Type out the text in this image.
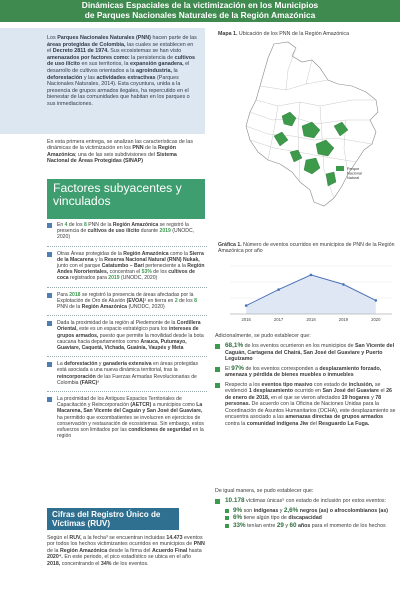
Dinámicas Espaciales de la victimización en los Municipios
de Parques Nacionales Naturales de la Región Amazónica
Los Parques Nacionales Naturales (PNN) hacen parte de las áreas protegidas de Colombia, las cuales se establecen en el Decreto 2811 de 1974. Sus ecosistemas se han visto amenazados por factores como: la persistencia de cultivos de uso ilícito en sus territorios, la expansión ganadera, el desarrollo de cultivos orientados a la agroindustria, la deforestación y las actividades extractivas (Parques Nacionales Naturales, 2014). Esta coyuntura, unida a la presencia de grupos armados ilegales, ha repercutido en el bienestar de las comunidades que habitan en los parques o sus inmediaciones.
En esta primera entrega, se analizan las características de las dinámicas de la victimización en los PNN de la Región Amazónica; una de las seis subdivisiones del Sistema Nacional de Áreas Protegidas (SINAP)
Factores subyacentes y vinculados
En 4 de los 8 PNN de la Región Amazónica se registró la presencia de cultivos de uso ilícito durante 2019 (UNODC, 2020)
Otras Áreas protegidas de la Región Amazónica como la Sierra de la Macarena y la Reserva Nacional Natural (RNN) Nukak, junto con el parque Catatumbo – Barí perteneciente a la Región Andes Nororientales, concentran el 53% de los cultivos de coca registrados para 2019 (UNODC, 2020)
Para 2018 se registró la presencia de áreas afectadas por la Explotación de Oro de Aluvión (EVOA)¹ en tierra en 2 de los 8 PNN de la Región Amazónica (UNODC, 2020)
Dada la proximidad de la región al Piedemonte de la Cordillera Oriental, este es un espacio estratégico para los intereses de grupos armados, puesto que permite la movilidad desde la bota caucana hacia departamentos como Arauca, Putumayo, Guaviare, Caquetá, Vichada, Guainía, Vaupés y Meta
La deforestación y ganadería extensiva en áreas protegidas está asociada a una nueva dinámica territorial, tras la reincorporación de las Fuerzas Armadas Revolucionarias de Colombia (FARC)²
La proximidad de los Antiguos Espacios Territoriales de Capacitación y Reincorporación (AETCR) a municipios como La Macarena, San Vicente del Caguán y San José del Guaviare, ha permitido que excombatientes se involucren en ejercicios de conservación y restauración de ecosistemas. Sin embargo, estos esfuerzos son limitados por las condiciones de seguridad en la región
Cifras del Registro Único de Víctimas (RUV)
Según el RUV, a la fecha³ se encuentran incluidas 14.473 eventos por todos los hechos victimizantes ocurridos en municipios de PNN de la Región Amazónica desde la firma del Acuerdo Final hasta 2020⁴. En este periodo, el pico estadístico se ubica en el año 2018, concentrando el 34% de los eventos.
Mapa 1. Ubicación de los PNN de la Región Amazónica
Parque
Nacional
Natural
Gráfica 1. Número de eventos ocurridos en municipios de PNN de la Región Amazónica por año
2016	2017	2018	2019	2020
Adicionalmente, se pudo establecer que:
68,1% de los eventos ocurrieron en los municipios de San Vicente del Caguán, Cartagena del Chairá, San José del Guaviare y Puerto Leguízamo
El 97% de los eventos corresponden a desplazamiento forzado, amenaza y pérdida de bienes muebles o inmuebles
Respecto a los eventos tipo masivo con estado de inclusión, se evidenció 1 desplazamiento ocurrido en San José del Guaviare el 26 de enero de 2018, en el que se vieron afectados 19 hogares y 78 personas. De acuerdo con la Oficina de Naciones Unidas para la Coordinación de Asuntos Humanitarios (OCHA), este desplazamiento se encuentra asociado a las amenazas directas de grupos armados contra la comunidad indígena Jiw del Resguardo La Fuga.
De igual manera, se pudo establecer que:
10.178 víctimas únicas⁵ con estado de inclusión por estos eventos:
9% son indígenas y 2,6% negros (as) o afrocolombianos (as)
6% tiene algún tipo de discapacidad
33% tenían entre 29 y 60 años para el momento de los hechos
